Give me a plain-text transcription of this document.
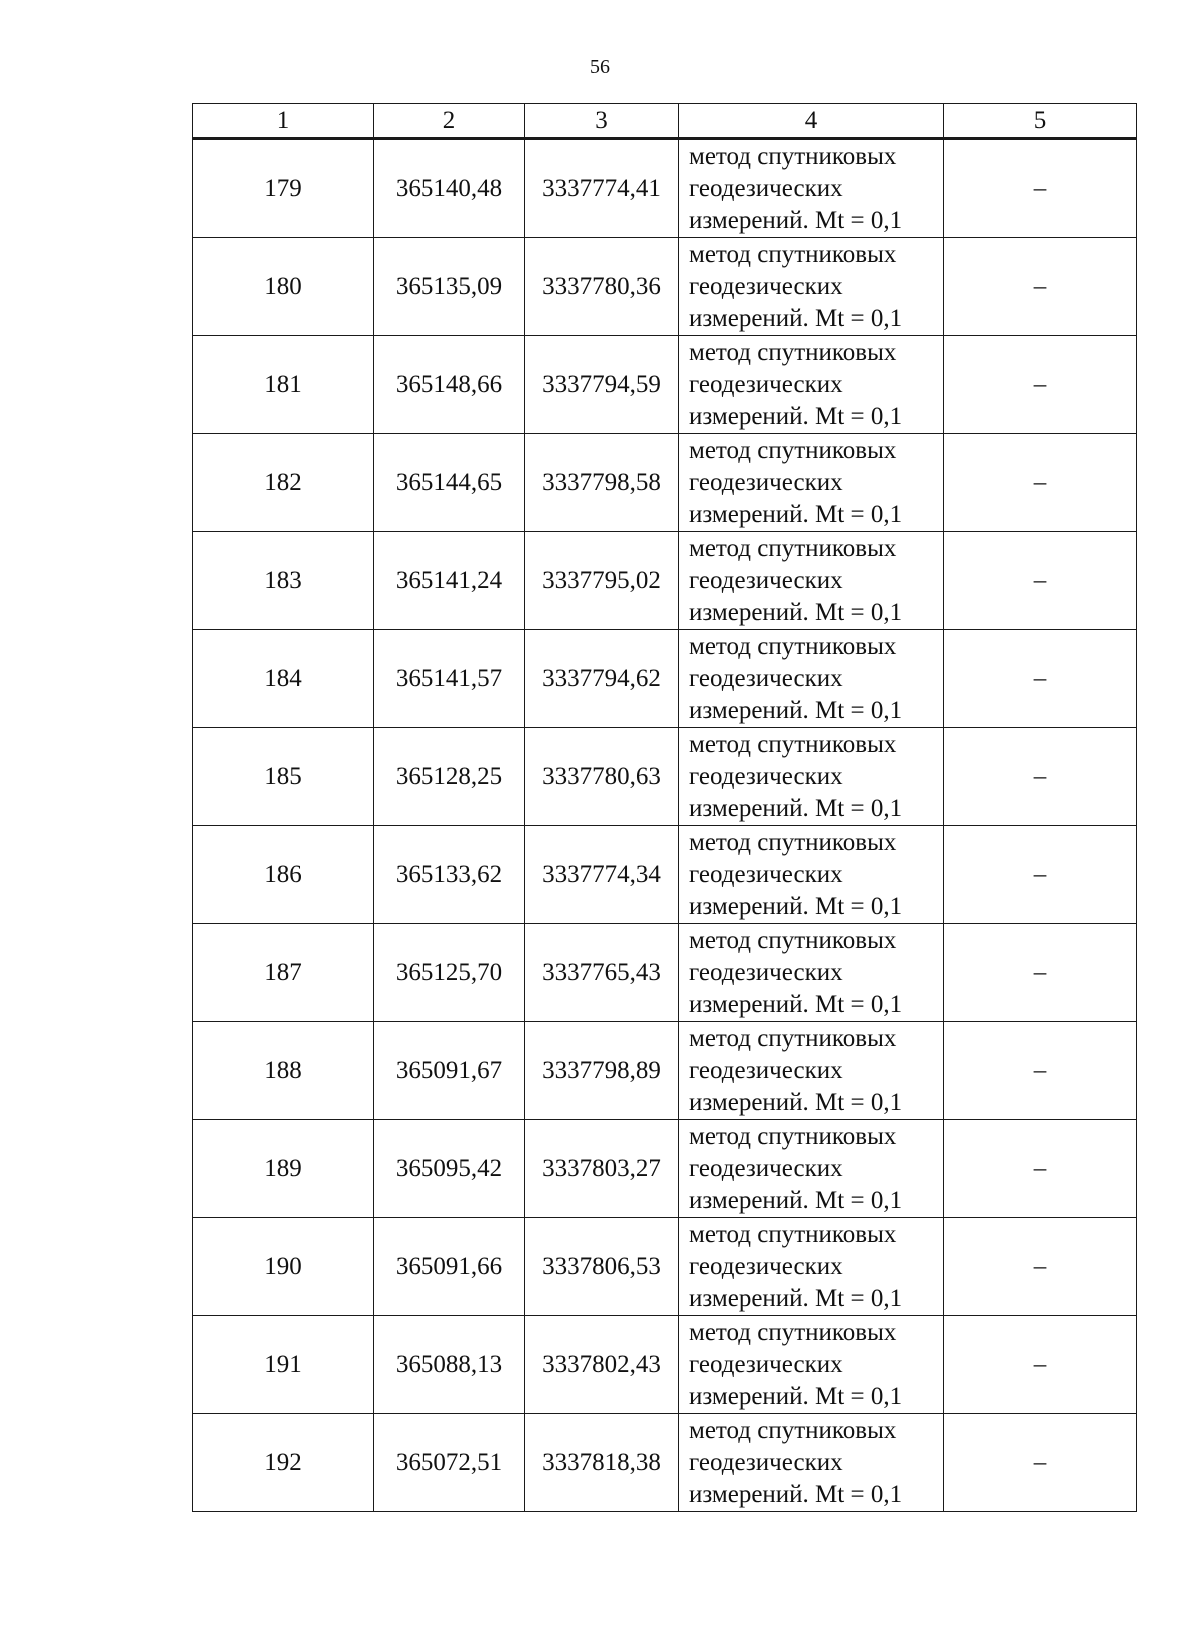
56
1	2	3	4	5
179	365140,48	3337774,41	метод спутниковых
геодезических
измерений. Mt = 0,1	–
180	365135,09	3337780,36	метод спутниковых
геодезических
измерений. Mt = 0,1	–
181	365148,66	3337794,59	метод спутниковых
геодезических
измерений. Mt = 0,1	–
182	365144,65	3337798,58	метод спутниковых
геодезических
измерений. Mt = 0,1	–
183	365141,24	3337795,02	метод спутниковых
геодезических
измерений. Mt = 0,1	–
184	365141,57	3337794,62	метод спутниковых
геодезических
измерений. Mt = 0,1	–
185	365128,25	3337780,63	метод спутниковых
геодезических
измерений. Mt = 0,1	–
186	365133,62	3337774,34	метод спутниковых
геодезических
измерений. Mt = 0,1	–
187	365125,70	3337765,43	метод спутниковых
геодезических
измерений. Mt = 0,1	–
188	365091,67	3337798,89	метод спутниковых
геодезических
измерений. Mt = 0,1	–
189	365095,42	3337803,27	метод спутниковых
геодезических
измерений. Mt = 0,1	–
190	365091,66	3337806,53	метод спутниковых
геодезических
измерений. Mt = 0,1	–
191	365088,13	3337802,43	метод спутниковых
геодезических
измерений. Mt = 0,1	–
192	365072,51	3337818,38	метод спутниковых
геодезических
измерений. Mt = 0,1	–
